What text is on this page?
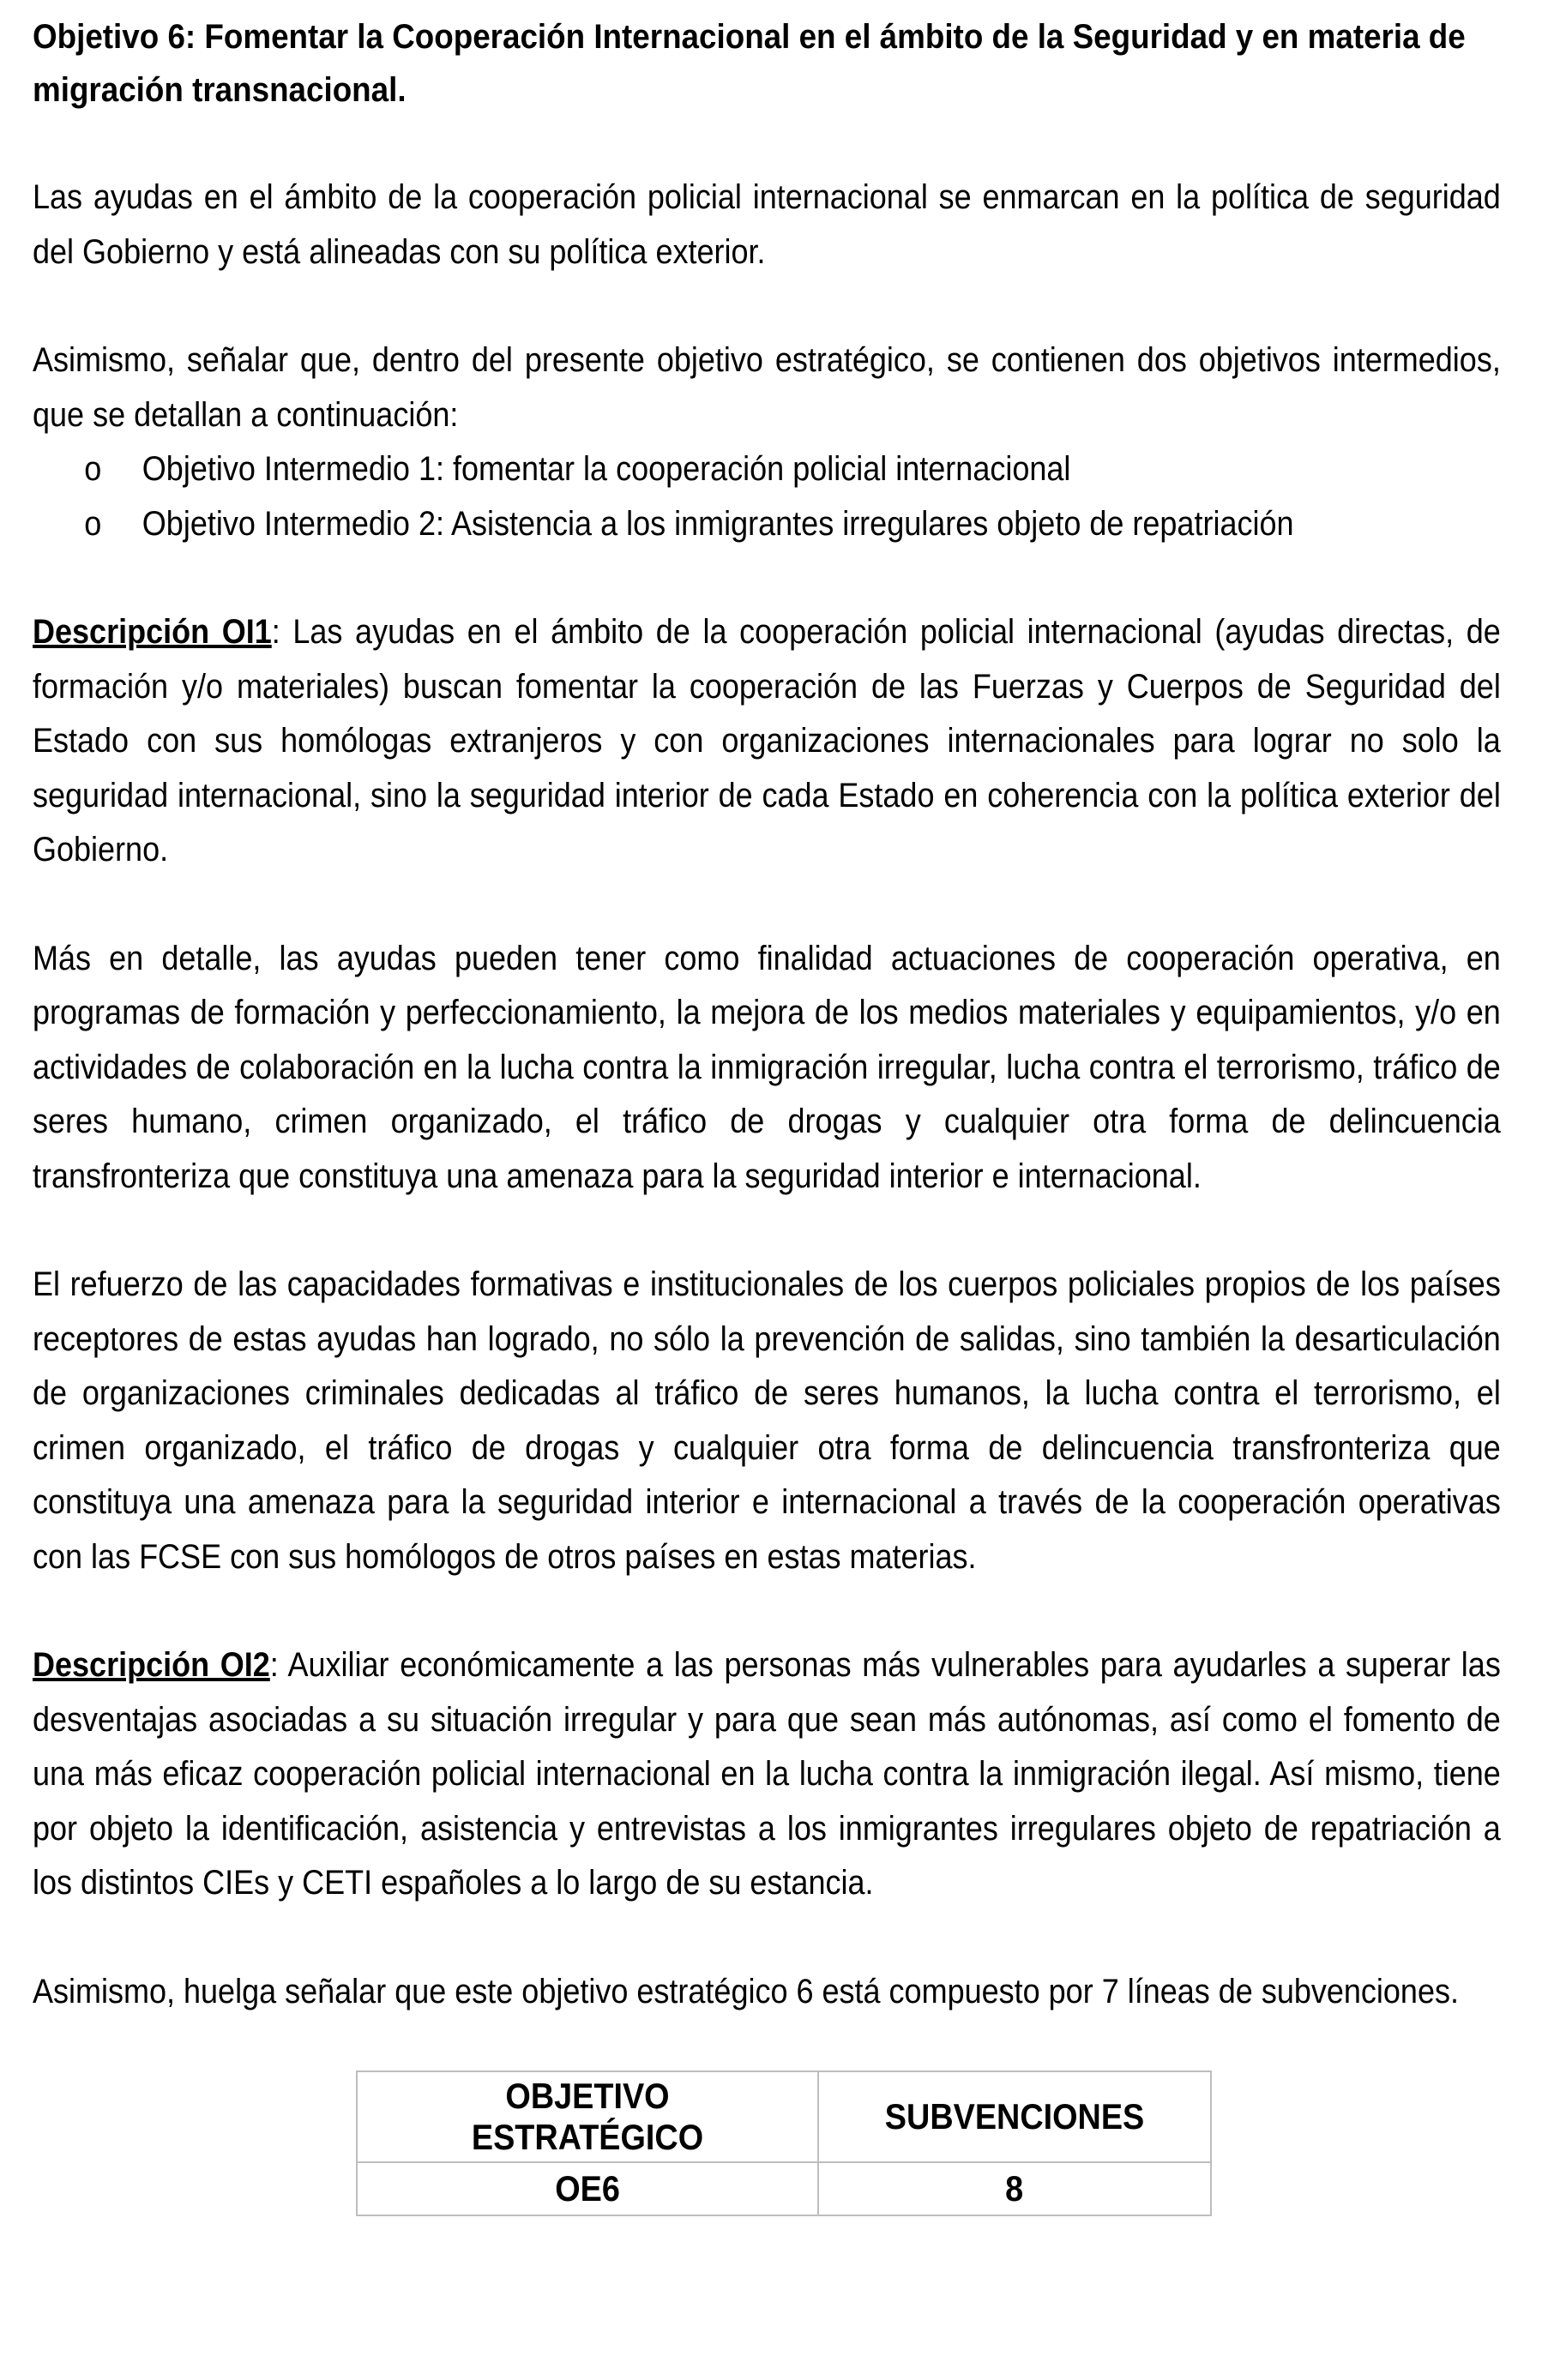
Objetivo 6: Fomentar la Cooperación Internacional en el ámbito de la Seguridad y en materia de migración transnacional.

Las ayudas en el ámbito de la cooperación policial internacional se enmarcan en la política de seguridad del Gobierno y está alineadas con su política exterior.

Asimismo, señalar que, dentro del presente objetivo estratégico, se contienen dos objetivos intermedios, que se detallan a continuación:

o Objetivo Intermedio 1: fomentar la cooperación policial internacional
o Objetivo Intermedio 2: Asistencia a los inmigrantes irregulares objeto de repatriación

Descripción OI1: Las ayudas en el ámbito de la cooperación policial internacional (ayudas directas, de formación y/o materiales) buscan fomentar la cooperación de las Fuerzas y Cuerpos de Seguridad del Estado con sus homólogas extranjeros y con organizaciones internacionales para lograr no solo la seguridad internacional, sino la seguridad interior de cada Estado en coherencia con la política exterior del Gobierno.

Más en detalle, las ayudas pueden tener como finalidad actuaciones de cooperación operativa, en programas de formación y perfeccionamiento, la mejora de los medios materiales y equipamientos, y/o en actividades de colaboración en la lucha contra la inmigración irregular, lucha contra el terrorismo, tráfico de seres humano, crimen organizado, el tráfico de drogas y cualquier otra forma de delincuencia transfronteriza que constituya una amenaza para la seguridad interior e internacional.

El refuerzo de las capacidades formativas e institucionales de los cuerpos policiales propios de los países receptores de estas ayudas han logrado, no sólo la prevención de salidas, sino también la desarticulación de organizaciones criminales dedicadas al tráfico de seres humanos, la lucha contra el terrorismo, el crimen organizado, el tráfico de drogas y cualquier otra forma de delincuencia transfronteriza que constituya una amenaza para la seguridad interior e internacional a través de la cooperación operativas con las FCSE con sus homólogos de otros países en estas materias.

Descripción OI2: Auxiliar económicamente a las personas más vulnerables para ayudarles a superar las desventajas asociadas a su situación irregular y para que sean más autónomas, así como el fomento de una más eficaz cooperación policial internacional en la lucha contra la inmigración ilegal. Así mismo, tiene por objeto la identificación, asistencia y entrevistas a los inmigrantes irregulares objeto de repatriación a los distintos CIEs y CETI españoles a lo largo de su estancia.

Asimismo, huelga señalar que este objetivo estratégico 6 está compuesto por 7 líneas de subvenciones.

OBJETIVO ESTRATÉGICO	SUBVENCIONES
OE6	8
